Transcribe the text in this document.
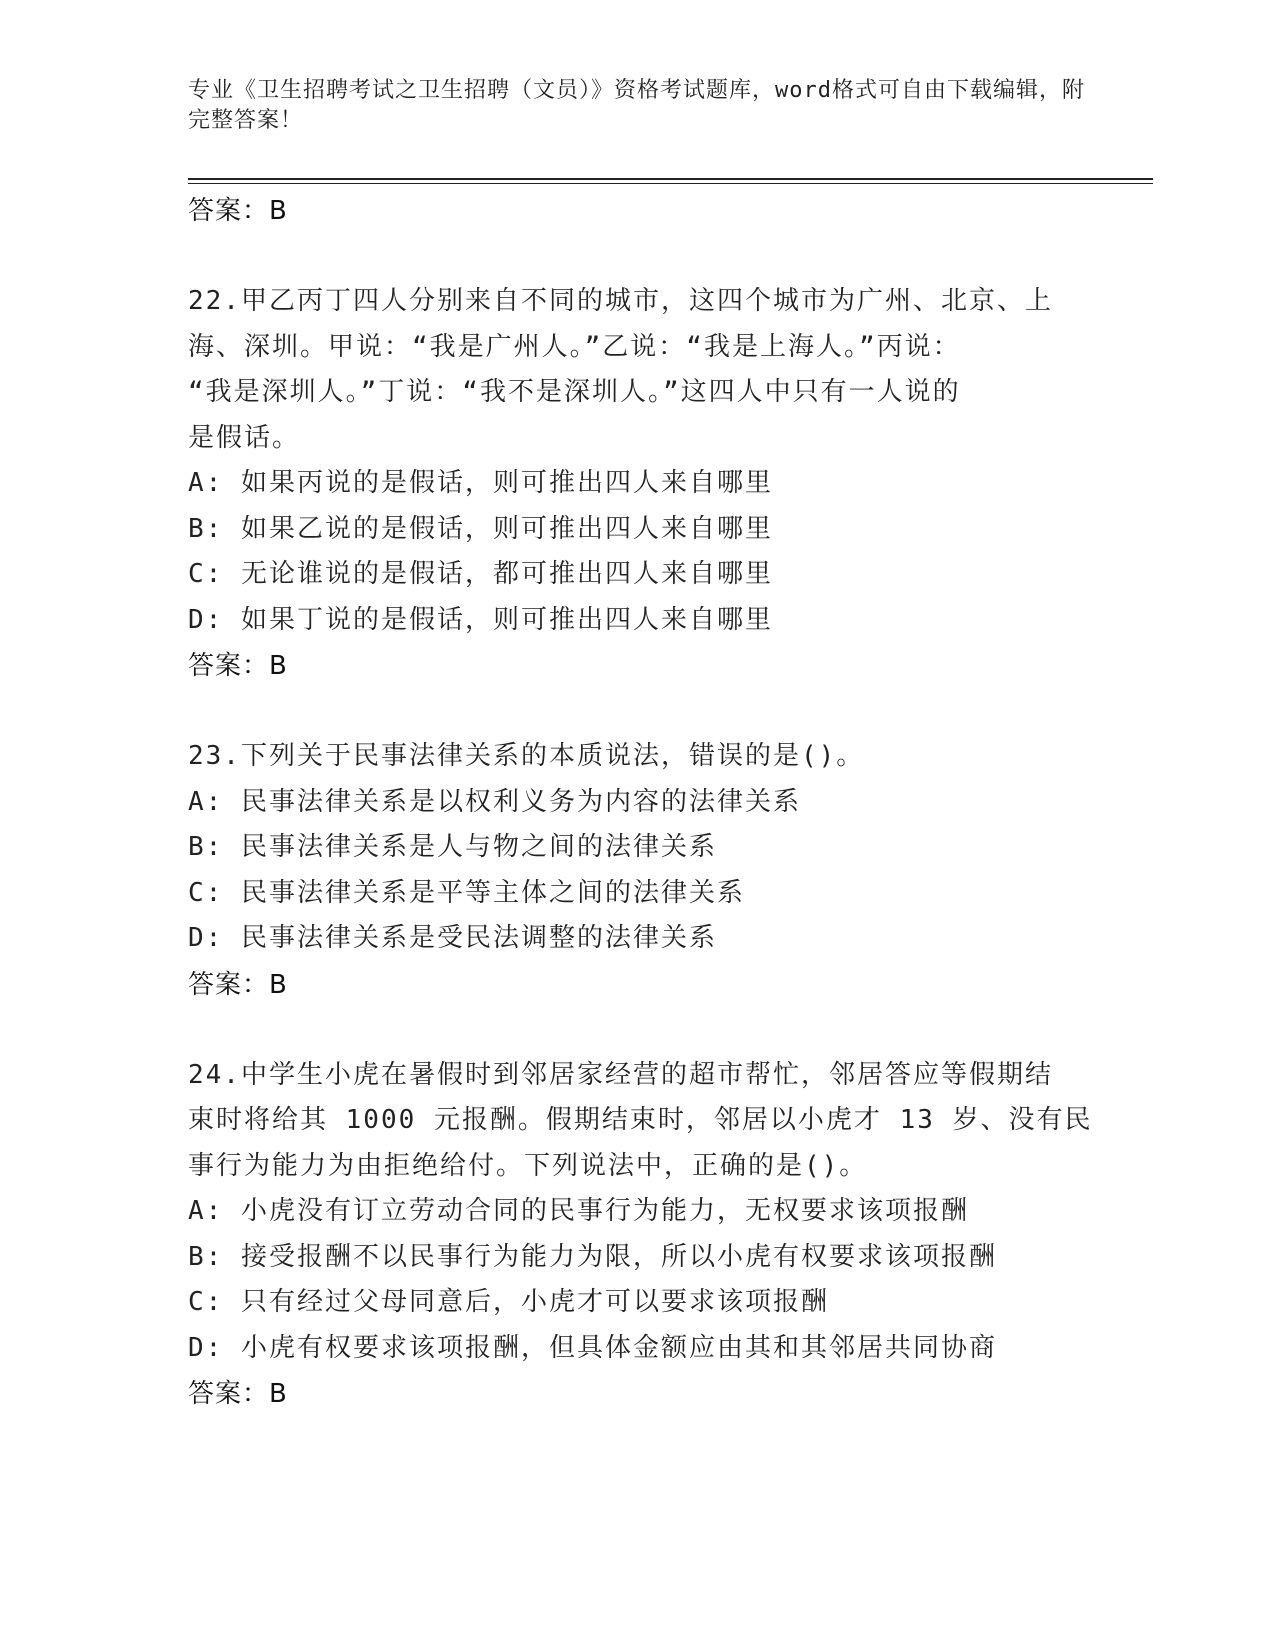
专业《卫生招聘考试之卫生招聘（文员）》资格考试题库，word格式可自由下载编辑，附完整答案！
答案：B
22.甲乙丙丁四人分别来自不同的城市，这四个城市为广州、北京、上
海、深圳。甲说：“我是广州人。”乙说：“我是上海人。”丙说：
“我是深圳人。”丁说：“我不是深圳人。”这四人中只有一人说的
是假话。
A: 如果丙说的是假话，则可推出四人来自哪里
B: 如果乙说的是假话，则可推出四人来自哪里
C: 无论谁说的是假话，都可推出四人来自哪里
D: 如果丁说的是假话，则可推出四人来自哪里
答案：B
23.下列关于民事法律关系的本质说法，错误的是()。
A: 民事法律关系是以权利义务为内容的法律关系
B: 民事法律关系是人与物之间的法律关系
C: 民事法律关系是平等主体之间的法律关系
D: 民事法律关系是受民法调整的法律关系
答案：B
24.中学生小虎在暑假时到邻居家经营的超市帮忙，邻居答应等假期结
束时将给其 1000 元报酬。假期结束时，邻居以小虎才 13 岁、没有民
事行为能力为由拒绝给付。下列说法中，正确的是()。
A: 小虎没有订立劳动合同的民事行为能力，无权要求该项报酬
B: 接受报酬不以民事行为能力为限，所以小虎有权要求该项报酬
C: 只有经过父母同意后，小虎才可以要求该项报酬
D: 小虎有权要求该项报酬，但具体金额应由其和其邻居共同协商
答案：B
